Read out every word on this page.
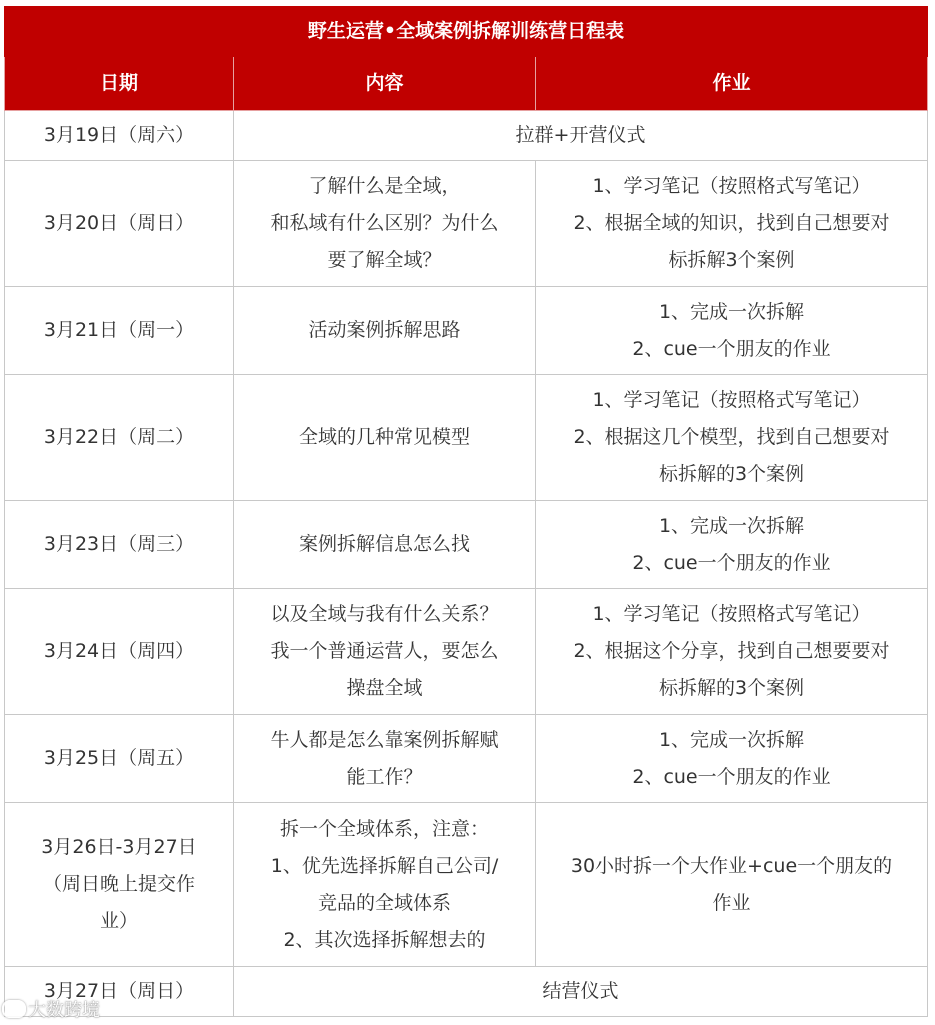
野生运营•全域案例拆解训练营日程表		
日期	内容	作业

3月19日（周六）	拉群+开营仪式	

3月20日（周日）	了解什么是全域，
和私域有什么区别？为什么
要了解全域？	1、学习笔记（按照格式写笔记）
2、根据全域的知识，找到自己想要对
标拆解3个案例

3月21日（周一）	活动案例拆解思路	1、完成一次拆解
2、cue一个朋友的作业

3月22日（周二）	全域的几种常见模型	1、学习笔记（按照格式写笔记）
2、根据这几个模型，找到自己想要对
标拆解的3个案例

3月23日（周三）	案例拆解信息怎么找	1、完成一次拆解
2、cue一个朋友的作业

3月24日（周四）	以及全域与我有什么关系？
我一个普通运营人，要怎么
操盘全域	1、学习笔记（按照格式写笔记）
2、根据这个分享，找到自己想要要对
标拆解的3个案例

3月25日（周五）	牛人都是怎么靠案例拆解赋
能工作？	1、完成一次拆解
2、cue一个朋友的作业

3月26日-3月27日
（周日晚上提交作
业）	拆一个全域体系，注意：
1、优先选择拆解自己公司/
竞品的全域体系
2、其次选择拆解想去的	30小时拆一个大作业+cue一个朋友的
作业

3月27日（周日）	结营仪式	
大数跨境
